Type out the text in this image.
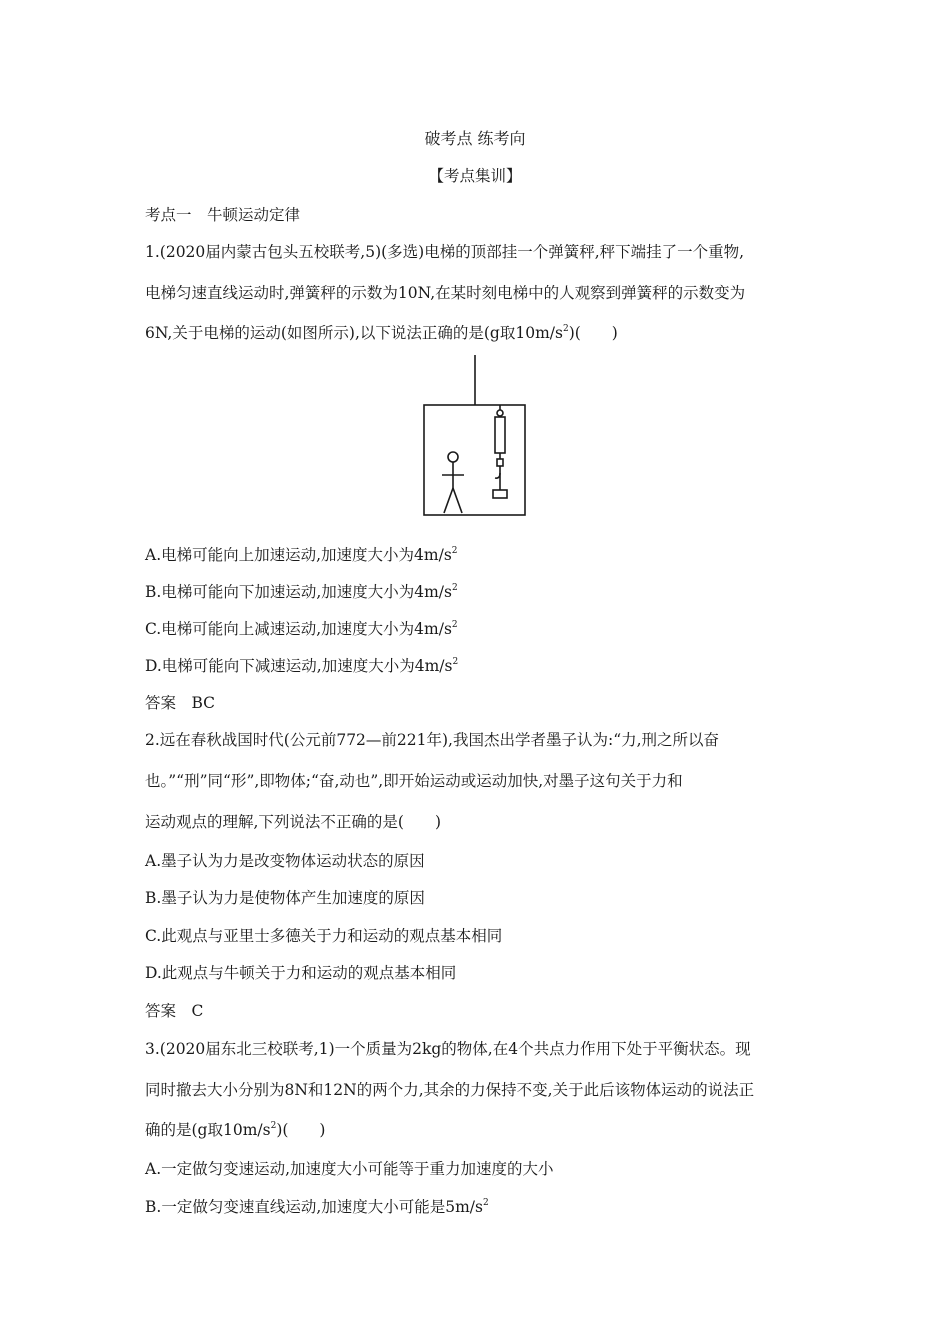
破考点 练考向
【考点集训】
考点一　牛顿运动定律
1.(2020届内蒙古包头五校联考,5)(多选)电梯的顶部挂一个弹簧秤,秤下端挂了一个重物,
电梯匀速直线运动时,弹簧秤的示数为10N,在某时刻电梯中的人观察到弹簧秤的示数变为
6N,关于电梯的运动(如图所示),以下说法正确的是(g取$10m/s^2$)(　　)
A.电梯可能向上加速运动,加速度大小为$4m/s^2$
B.电梯可能向下加速运动,加速度大小为$4m/s^2$
C.电梯可能向上减速运动,加速度大小为$4m/s^2$
D.电梯可能向下减速运动,加速度大小为$4m/s^2$
答案　BC
2.远在春秋战国时代(公元前772—前221年),我国杰出学者墨子认为:“力,刑之所以奋
也。”“刑”同“形”,即物体;“奋,动也”,即开始运动或运动加快,对墨子这句关于力和
运动观点的理解,下列说法不正确的是(　　)
A.墨子认为力是改变物体运动状态的原因
B.墨子认为力是使物体产生加速度的原因
C.此观点与亚里士多德关于力和运动的观点基本相同
D.此观点与牛顿关于力和运动的观点基本相同
答案　C
3.(2020届东北三校联考,1)一个质量为2kg的物体,在4个共点力作用下处于平衡状态。现
同时撤去大小分别为8N和12N的两个力,其余的力保持不变,关于此后该物体运动的说法正
确的是(g取$10m/s^2$)(　　)
A.一定做匀变速运动,加速度大小可能等于重力加速度的大小
B.一定做匀变速直线运动,加速度大小可能是$5m/s^2$
